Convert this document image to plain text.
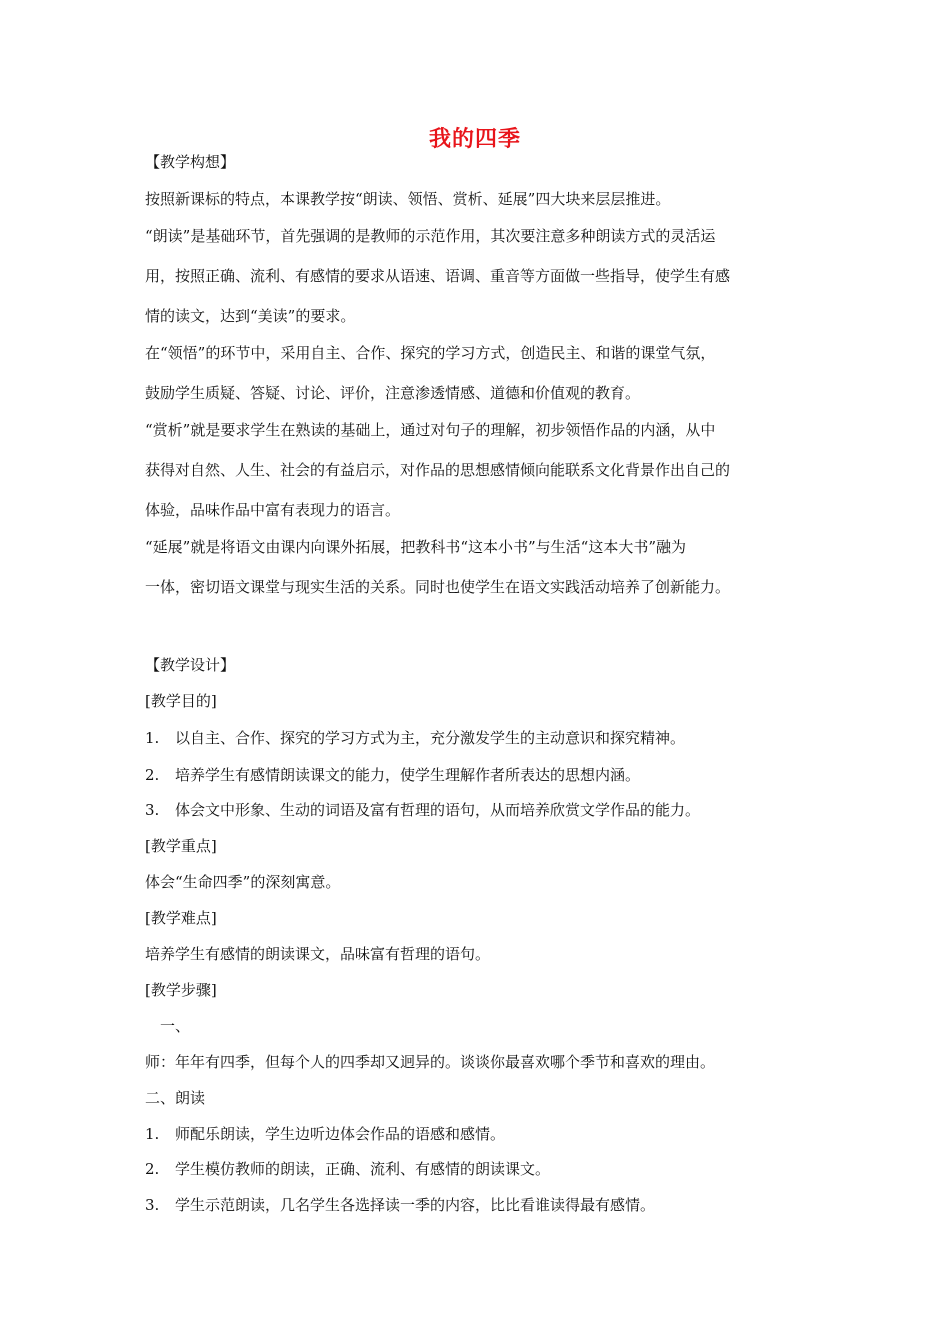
我的四季
【教学构想】
按照新课标的特点，本课教学按“朗读、领悟、赏析、延展”四大块来层层推进。
“朗读”是基础环节，首先强调的是教师的示范作用，其次要注意多种朗读方式的灵活运
用，按照正确、流利、有感情的要求从语速、语调、重音等方面做一些指导，使学生有感
情的读文，达到“美读”的要求。
在“领悟”的环节中，采用自主、合作、探究的学习方式，创造民主、和谐的课堂气氛，
鼓励学生质疑、答疑、讨论、评价，注意渗透情感、道德和价值观的教育。
“赏析”就是要求学生在熟读的基础上，通过对句子的理解，初步领悟作品的内涵，从中
获得对自然、人生、社会的有益启示，对作品的思想感情倾向能联系文化背景作出自己的
体验，品味作品中富有表现力的语言。
“延展”就是将语文由课内向课外拓展，把教科书“这本小书”与生活“这本大书”融为
一体，密切语文课堂与现实生活的关系。同时也使学生在语文实践活动培养了创新能力。
【教学设计】
[教学目的]
1. 以自主、合作、探究的学习方式为主，充分激发学生的主动意识和探究精神。
2. 培养学生有感情朗读课文的能力，使学生理解作者所表达的思想内涵。
3. 体会文中形象、生动的词语及富有哲理的语句，从而培养欣赏文学作品的能力。
[教学重点]
体会“生命四季”的深刻寓意。
[教学难点]
培养学生有感情的朗读课文，品味富有哲理的语句。
[教学步骤]
一、
师：年年有四季，但每个人的四季却又迥异的。谈谈你最喜欢哪个季节和喜欢的理由。
二、朗读
1. 师配乐朗读，学生边听边体会作品的语感和感情。
2. 学生模仿教师的朗读，正确、流利、有感情的朗读课文。
3. 学生示范朗读，几名学生各选择读一季的内容，比比看谁读得最有感情。
